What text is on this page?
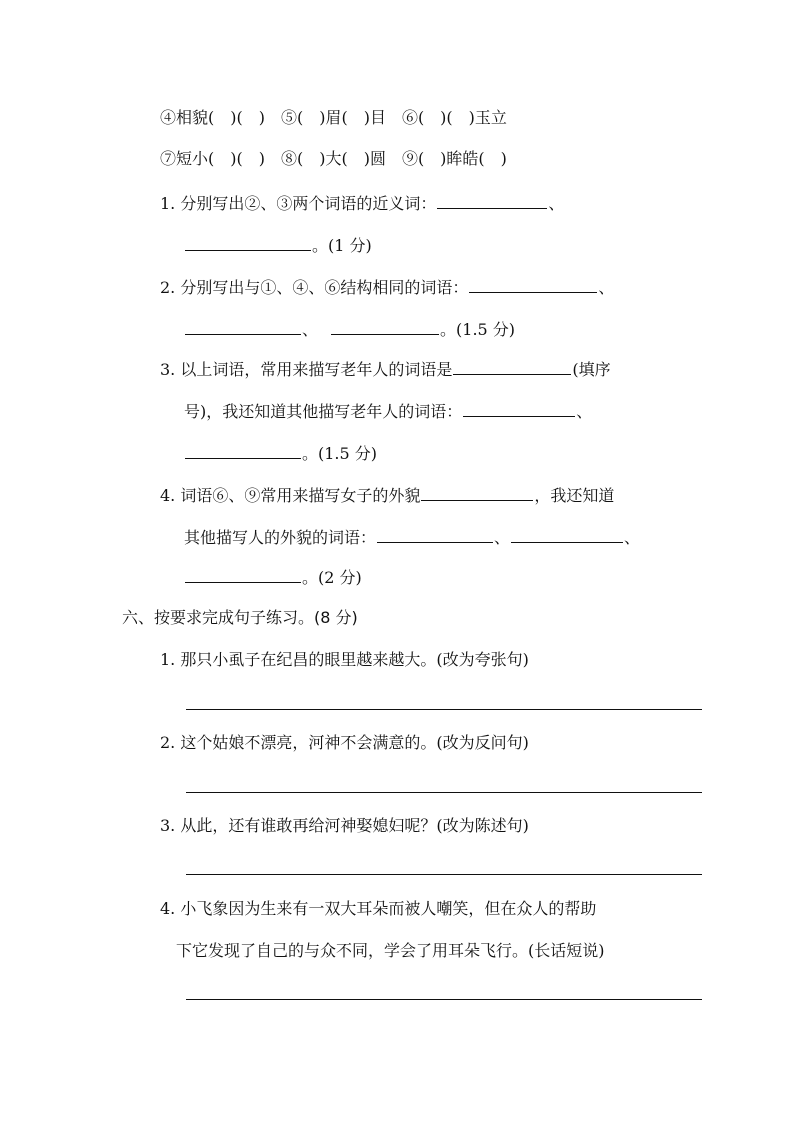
④相貌(　)(　)　⑤(　)眉(　)目　⑥(　)(　)玉立
⑦短小(　)(　)　⑧(　)大(　)圆　⑨(　)眸皓(　)
1. 分别写出②、③两个词语的近义词：	、
。(1 分)
2. 分别写出与①、④、⑥结构相同的词语：	、
、	。(1.5 分)
3. 以上词语，常用来描写老年人的词语是	(填序
号)，我还知道其他描写老年人的词语：	、
。(1.5 分)
4. 词语⑥、⑨常用来描写女子的外貌	，我还知道
其他描写人的外貌的词语：	、	、
。(2 分)
六、按要求完成句子练习。(8 分)
1. 那只小虱子在纪昌的眼里越来越大。(改为夸张句)
2. 这个姑娘不漂亮，河神不会满意的。(改为反问句)
3. 从此，还有谁敢再给河神娶媳妇呢？(改为陈述句)
4. 小飞象因为生来有一双大耳朵而被人嘲笑，但在众人的帮助
下它发现了自己的与众不同，学会了用耳朵飞行。(长话短说)
